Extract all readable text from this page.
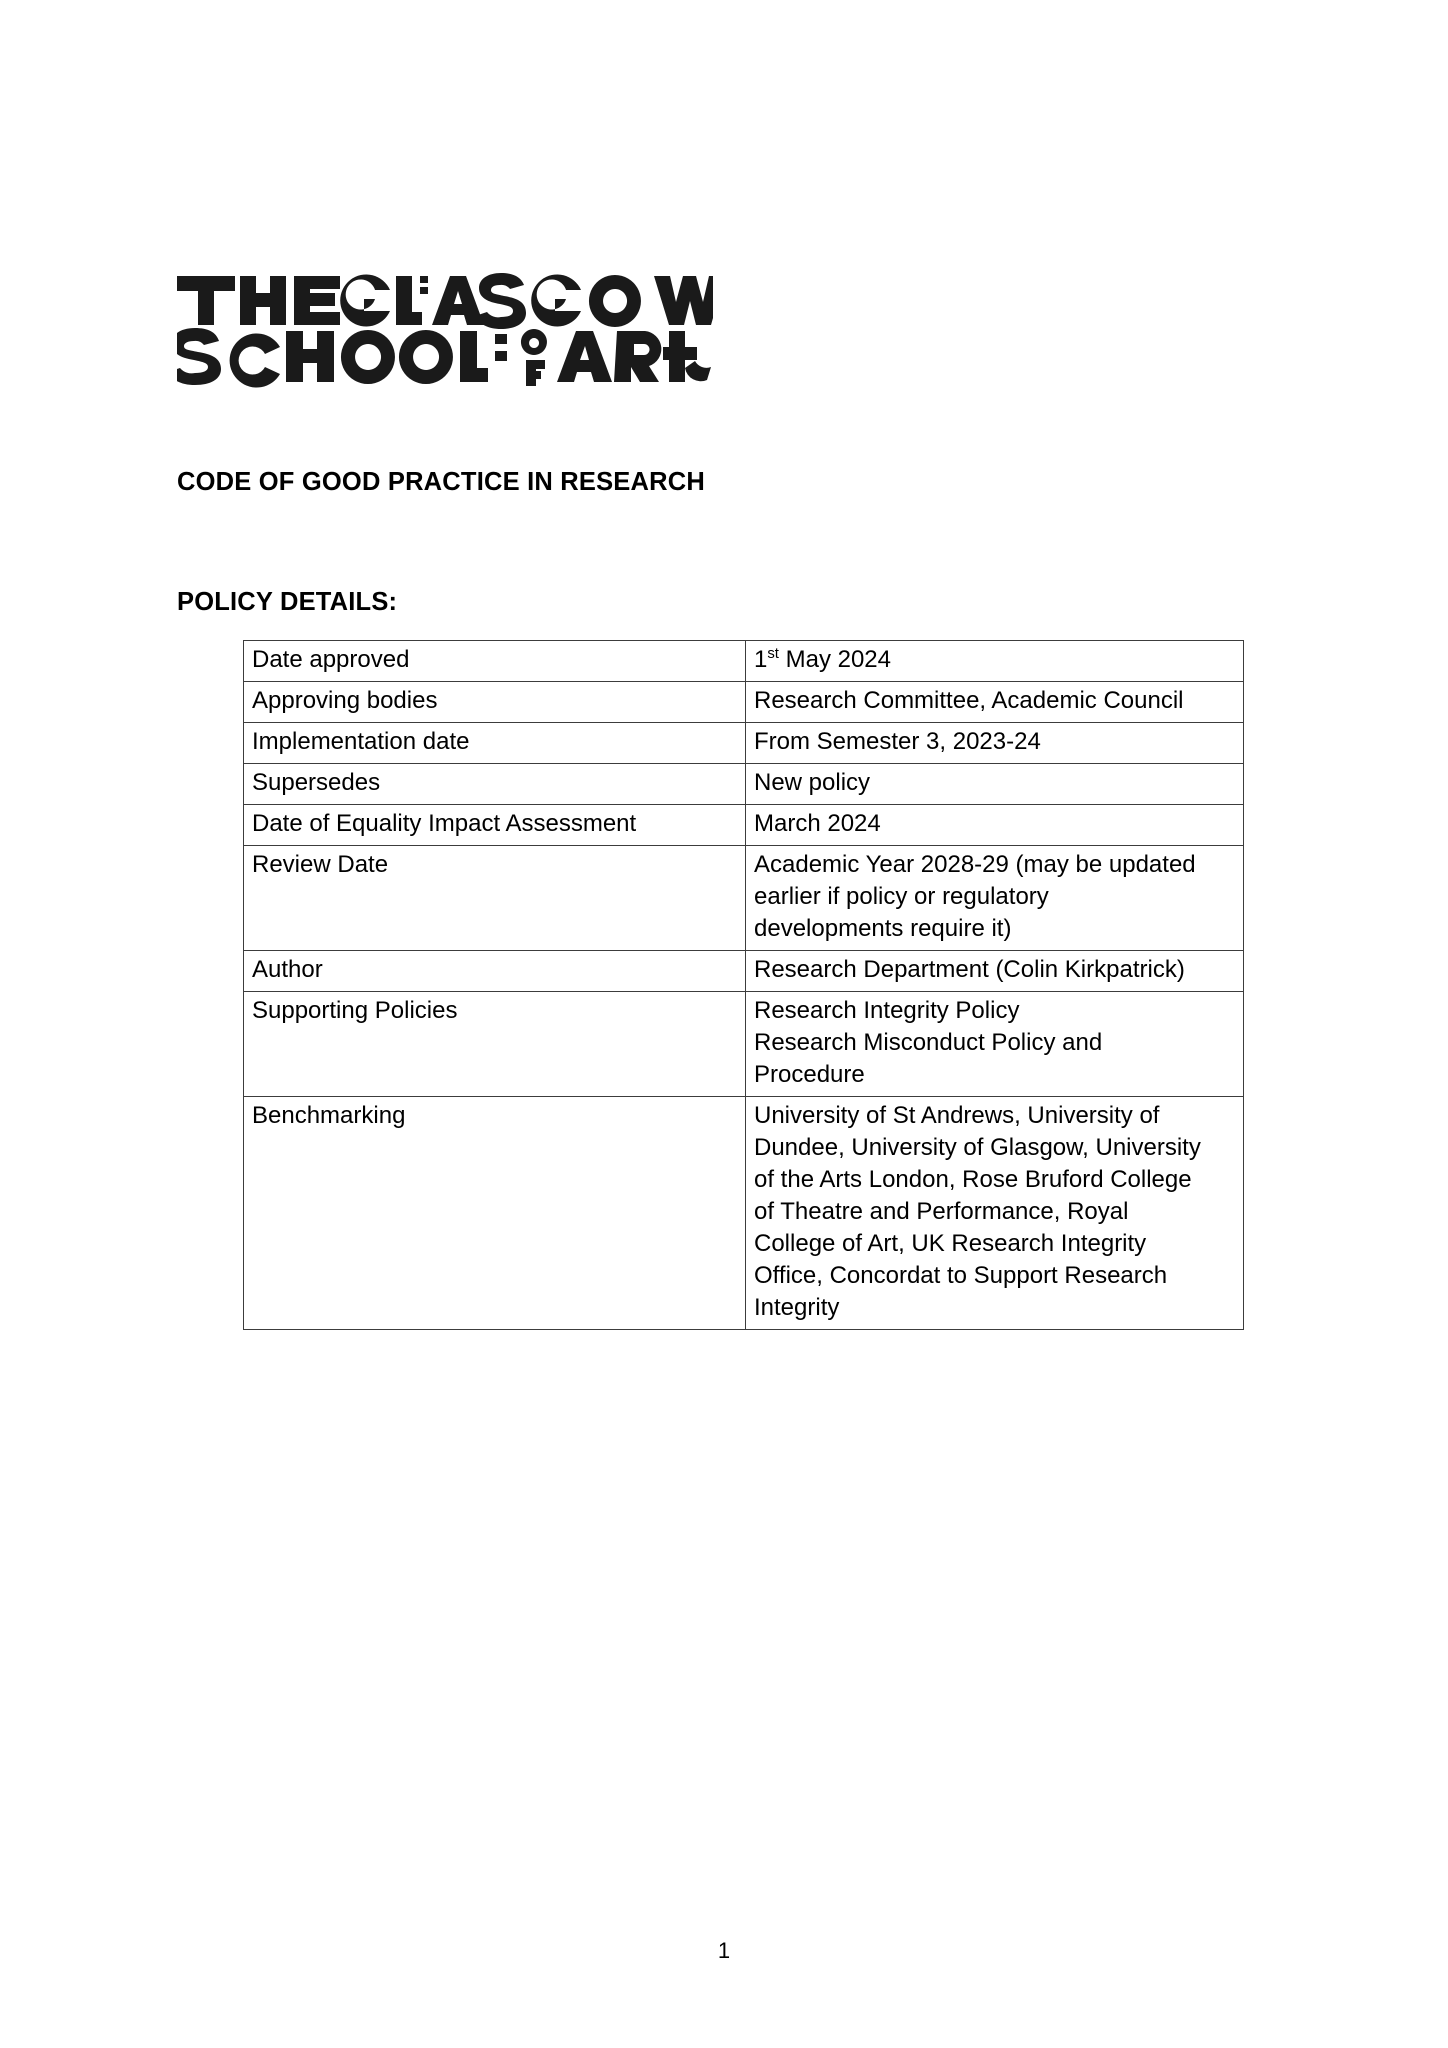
CODE OF GOOD PRACTICE IN RESEARCH
POLICY DETAILS:
Date approved	1st May 2024

Approving bodies	Research Committee, Academic Council

Implementation date	From Semester 3, 2023-24

Supersedes	New policy

Date of Equality Impact Assessment	March 2024

Review Date	Academic Year 2028-29 (may be updated

earlier if policy or regulatory

developments require it)

Author	Research Department (Colin Kirkpatrick)

Supporting Policies	Research Integrity Policy

Research Misconduct Policy and

Procedure

Benchmarking	University of St Andrews, University of

Dundee, University of Glasgow, University

of the Arts London, Rose Bruford College

of Theatre and Performance, Royal

College of Art, UK Research Integrity

Office, Concordat to Support Research

Integrity

1
